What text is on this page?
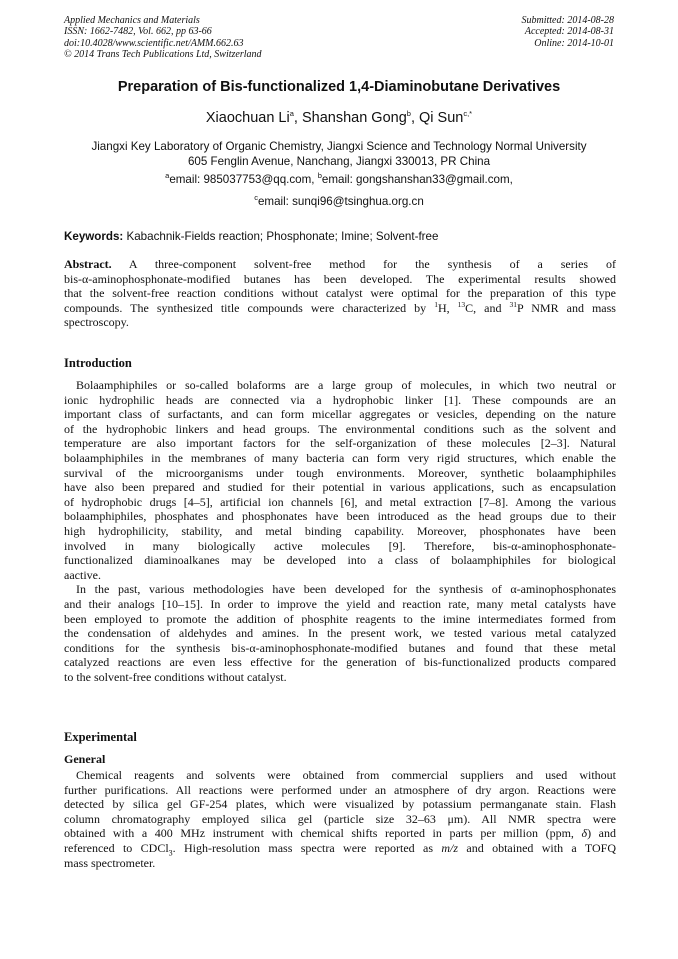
Applied Mechanics and Materials
ISSN: 1662-7482, Vol. 662, pp 63-66
doi:10.4028/www.scientific.net/AMM.662.63
© 2014 Trans Tech Publications Ltd, Switzerland
Submitted: 2014-08-28
Accepted: 2014-08-31
Online: 2014-10-01
Preparation of Bis-functionalized 1,4-Diaminobutane Derivatives
Xiaochuan Li$^a$, Shanshan Gong$^b$, Qi Sun$^{c,*}$
Jiangxi Key Laboratory of Organic Chemistry, Jiangxi Science and Technology Normal University
605 Fenglin Avenue, Nanchang, Jiangxi 330013, PR China
$^a$email: 985037753@qq.com, $^b$email: gongshanshan33@gmail.com,
$^c$email: sunqi96@tsinghua.org.cn
Keywords: Kabachnik-Fields reaction; Phosphonate; Imine; Solvent-free
Abstract. A three-component solvent-free method for the synthesis of a series of
bis-α-aminophosphonate-modified butanes has been developed. The experimental results showed
that the solvent-free reaction conditions without catalyst were optimal for the preparation of this type
compounds. The synthesized title compounds were characterized by $^1$H, $^{13}$C, and $^{31}$P NMR and mass
spectroscopy.
Introduction
Bolaamphiphiles or so-called bolaforms are a large group of molecules, in which two neutral or
ionic hydrophilic heads are connected via a hydrophobic linker [1]. These compounds are an
important class of surfactants, and can form micellar aggregates or vesicles, depending on the nature
of the hydrophobic linkers and head groups. The environmental conditions such as the solvent and
temperature are also important factors for the self-organization of these molecules [2–3]. Natural
bolaamphiphiles in the membranes of many bacteria can form very rigid structures, which enable the
survival of the microorganisms under tough environments. Moreover, synthetic bolaamphiphiles
have also been prepared and studied for their potential in various applications, such as encapsulation
of hydrophobic drugs [4–5], artificial ion channels [6], and metal extraction [7–8]. Among the various
bolaamphiphiles, phosphates and phosphonates have been introduced as the head groups due to their
high hydrophilicity, stability, and metal binding capability. Moreover, phosphonates have been
involved in many biologically active molecules [9]. Therefore, bis-α-aminophosphonate-
functionalized diaminoalkanes may be developed into a class of bolaamphiphiles for biological
aactive.
In the past, various methodologies have been developed for the synthesis of α-aminophosphonates
and their analogs [10–15]. In order to improve the yield and reaction rate, many metal catalysts have
been employed to promote the addition of phosphite reagents to the imine intermediates formed from
the condensation of aldehydes and amines. In the present work, we tested various metal catalyzed
conditions for the synthesis bis-α-aminophosphonate-modified butanes and found that these metal
catalyzed reactions are even less effective for the generation of bis-functionalized products compared
to the solvent-free conditions without catalyst.
Experimental
General
Chemical reagents and solvents were obtained from commercial suppliers and used without
further purifications. All reactions were performed under an atmosphere of dry argon. Reactions were
detected by silica gel GF-254 plates, which were visualized by potassium permanganate stain. Flash
column chromatography employed silica gel (particle size 32–63 μm). All NMR spectra were
obtained with a 400 MHz instrument with chemical shifts reported in parts per million (ppm, δ) and
referenced to CDCl$_3$. High-resolution mass spectra were reported as m/z and obtained with a TOFQ
mass spectrometer.
